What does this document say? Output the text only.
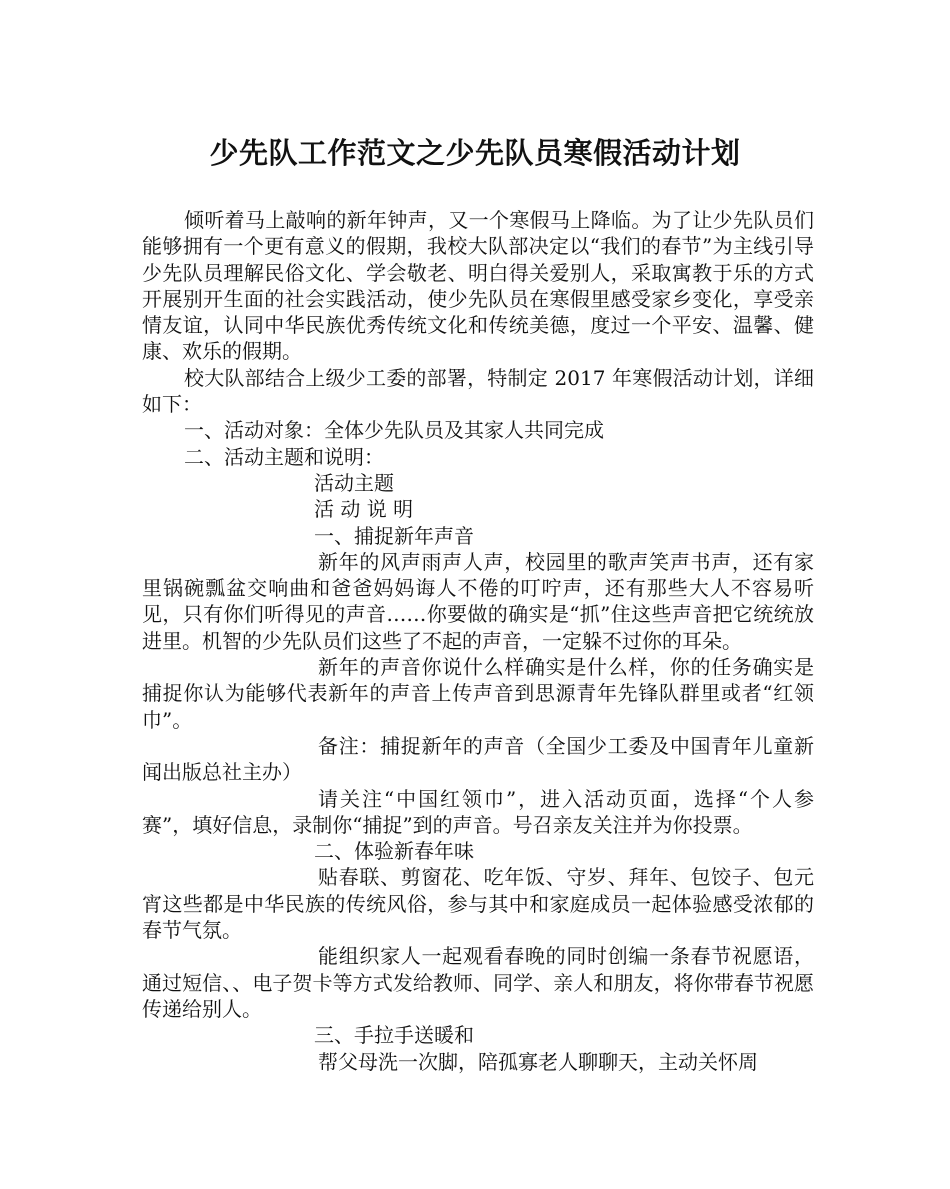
少先队工作范文之少先队员寒假活动计划

倾听着马上敲响的新年钟声，又一个寒假马上降临。为了让少先队员们能够拥有一个更有意义的假期，我校大队部决定以“我们的春节”为主线引导少先队员理解民俗文化、学会敬老、明白得关爱别人，采取寓教于乐的方式开展别开生面的社会实践活动，使少先队员在寒假里感受家乡变化，享受亲情友谊，认同中华民族优秀传统文化和传统美德，度过一个平安、温馨、健康、欢乐的假期。

校大队部结合上级少工委的部署，特制定 2017 年寒假活动计划，详细如下：

一、活动对象：全体少先队员及其家人共同完成

二、活动主题和说明：

活动主题

活 动 说 明

一、捕捉新年声音

新年的风声雨声人声，校园里的歌声笑声书声，还有家里锅碗瓢盆交响曲和爸爸妈妈诲人不倦的叮咛声，还有那些大人不容易听见，只有你们听得见的声音……你要做的确实是“抓”住这些声音把它统统放进里。机智的少先队员们这些了不起的声音，一定躲不过你的耳朵。

新年的声音你说什么样确实是什么样，你的任务确实是捕捉你认为能够代表新年的声音上传声音到思源青年先锋队群里或者“红领巾”。

备注：捕捉新年的声音（全国少工委及中国青年儿童新闻出版总社主办）

请关注“中国红领巾”，进入活动页面，选择“个人参赛”，填好信息，录制你“捕捉”到的声音。号召亲友关注并为你投票。

二、体验新春年味

贴春联、剪窗花、吃年饭、守岁、拜年、包饺子、包元宵这些都是中华民族的传统风俗，参与其中和家庭成员一起体验感受浓郁的春节气氛。

能组织家人一起观看春晚的同时创编一条春节祝愿语，通过短信、、电子贺卡等方式发给教师、同学、亲人和朋友，将你带春节祝愿传递给别人。

三、手拉手送暖和

帮父母洗一次脚，陪孤寡老人聊聊天，主动关怀周
